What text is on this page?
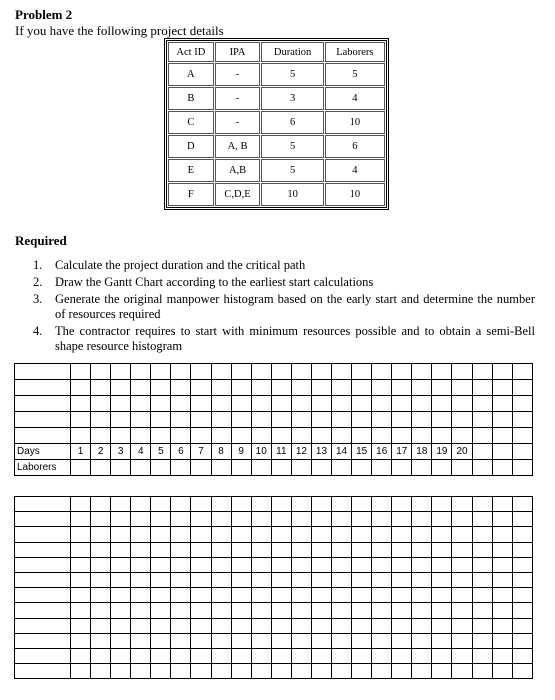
Problem 2
If you have the following project details
Act ID	IPA	Duration	Laborers
A	-	5	5
B	-	3	4
C	-	6	10
D	A, B	5	6
E	A,B	5	4
F	C,D,E	10	10
Required
1. Calculate the project duration and the critical path
2. Draw the Gantt Chart according to the earliest start calculations
3. Generate the original manpower histogram based on the early start and determine the number of resources required
4. The contractor requires to start with minimum resources possible and to obtain a semi-Bell shape resource histogram

Days	1	2	3	4	5	6	7	8	9	10	11	12	13	14	15	16	17	18	19	20			
Laborers																							
